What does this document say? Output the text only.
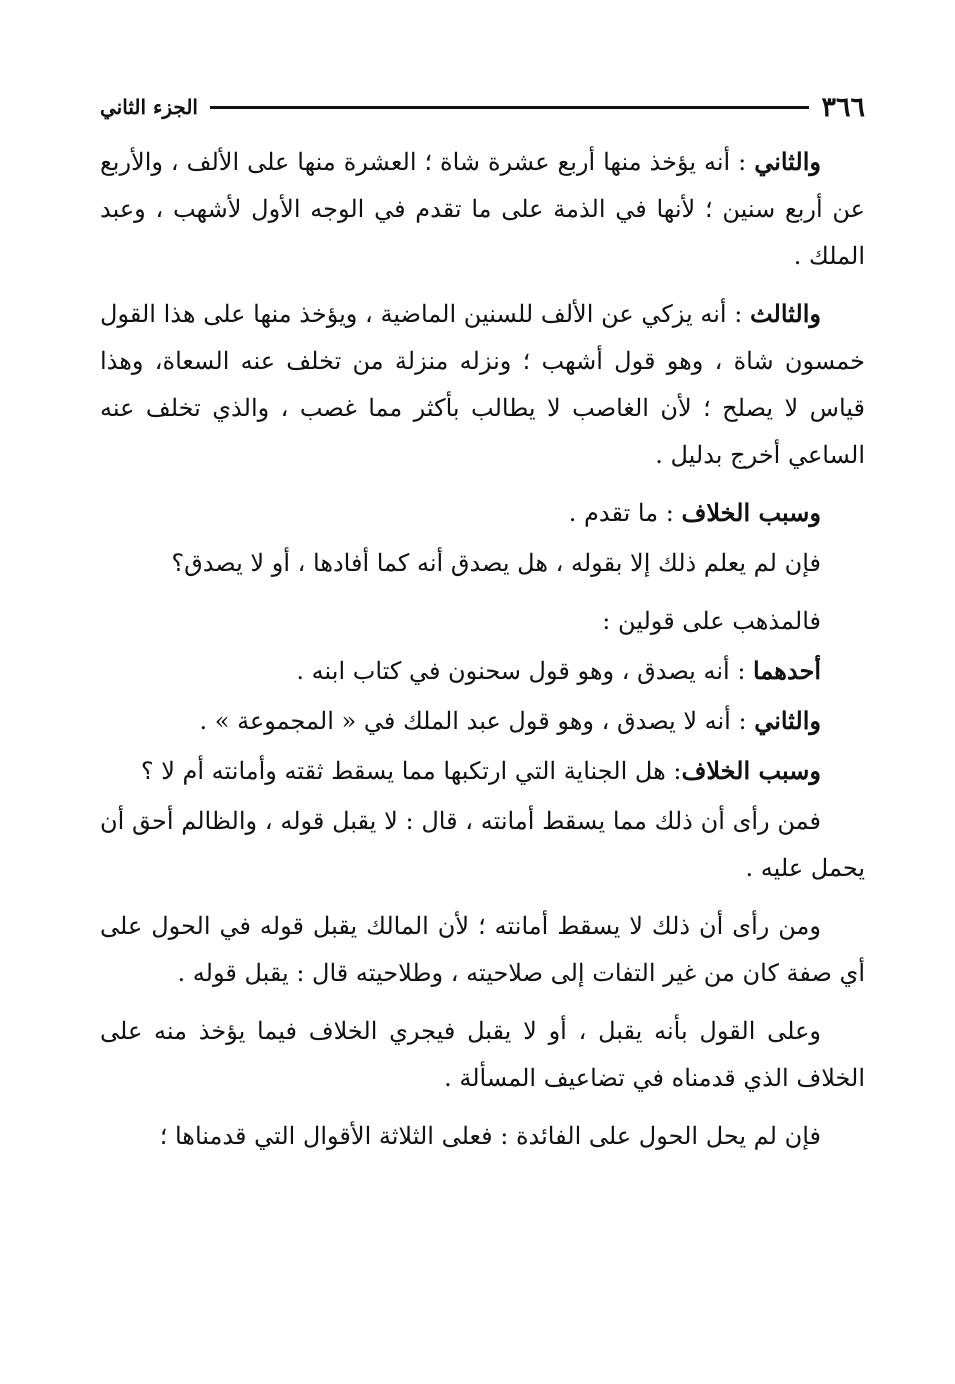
٣٦٦
الجزء الثاني

والثاني : أنه يؤخذ منها أربع عشرة شاة ؛ العشرة منها على الألف ، والأربع عن أربع سنين ؛ لأنها في الذمة على ما تقدم في الوجه الأول لأشهب ، وعبد الملك .

والثالث : أنه يزكي عن الألف للسنين الماضية ، ويؤخذ منها على هذا القول خمسون شاة ، وهو قول أشهب ؛ ونزله منزلة من تخلف عنه السعاة، وهذا قياس لا يصلح ؛ لأن الغاصب لا يطالب بأكثر مما غصب ، والذي تخلف عنه الساعي أخرج بدليل .

وسبب الخلاف : ما تقدم .

فإن لم يعلم ذلك إلا بقوله ، هل يصدق أنه كما أفادها ، أو لا يصدق؟

فالمذهب على قولين :

أحدهما : أنه يصدق ، وهو قول سحنون في كتاب ابنه .

والثاني : أنه لا يصدق ، وهو قول عبد الملك في « المجموعة » .

وسبب الخلاف: هل الجناية التي ارتكبها مما يسقط ثقته وأمانته أم لا ؟

فمن رأى أن ذلك مما يسقط أمانته ، قال : لا يقبل قوله ، والظالم أحق أن يحمل عليه .

ومن رأى أن ذلك لا يسقط أمانته ؛ لأن المالك يقبل قوله في الحول على أي صفة كان من غير التفات إلى صلاحيته ، وطلاحيته قال : يقبل قوله .

وعلى القول بأنه يقبل ، أو لا يقبل فيجري الخلاف فيما يؤخذ منه على الخلاف الذي قدمناه في تضاعيف المسألة .

فإن لم يحل الحول على الفائدة : فعلى الثلاثة الأقوال التي قدمناها ؛
